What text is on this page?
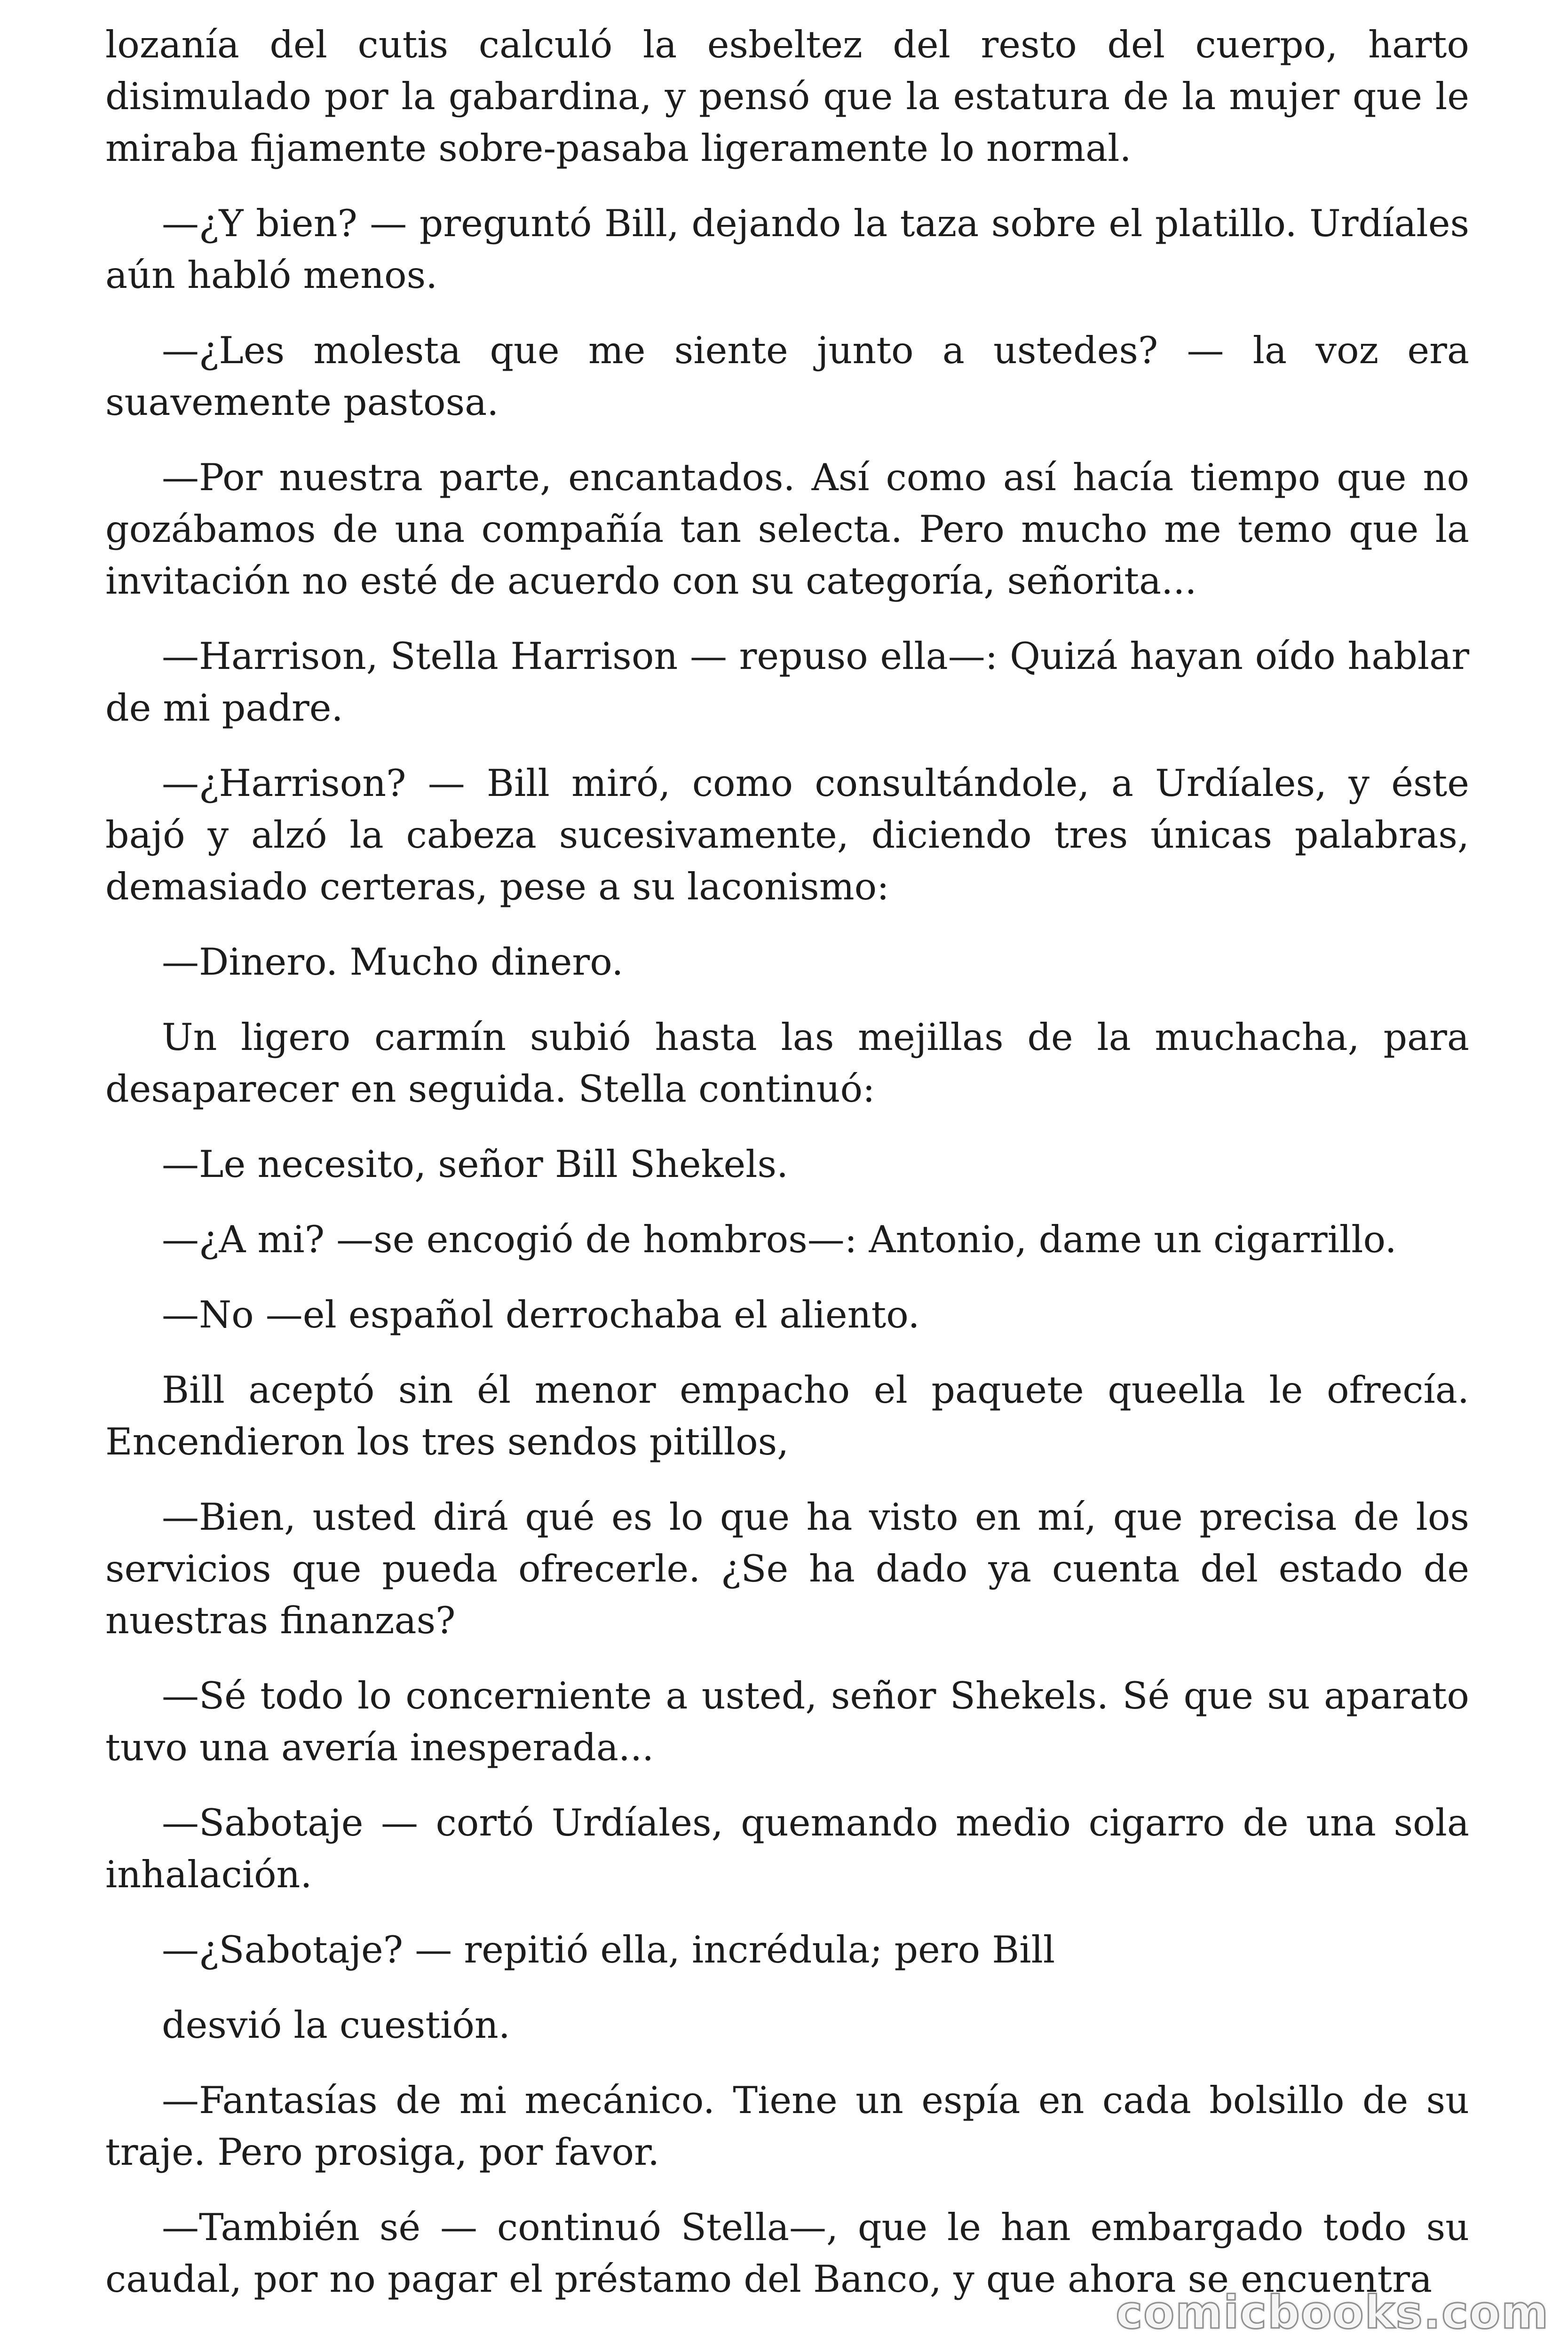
lozanía del cutis calculó la esbeltez del resto del cuerpo, harto disimulado por la gabardina, y pensó que la estatura de la mujer que le miraba fijamente sobre-pasaba ligeramente lo normal.

—¿Y bien? — preguntó Bill, dejando la taza sobre el platillo. Urdíales aún habló menos.

—¿Les molesta que me siente junto a ustedes? — la voz era suavemente pastosa.

—Por nuestra parte, encantados. Así como así hacía tiempo que no gozábamos de una compañía tan selecta. Pero mucho me temo que la invitación no esté de acuerdo con su categoría, señorita...

—Harrison, Stella Harrison — repuso ella—: Quizá hayan oído hablar de mi padre.

—¿Harrison? — Bill miró, como consultándole, a Urdíales, y éste bajó y alzó la cabeza sucesivamente, diciendo tres únicas palabras, demasiado certeras, pese a su laconismo:

—Dinero. Mucho dinero.

Un ligero carmín subió hasta las mejillas de la muchacha, para desaparecer en seguida. Stella continuó:

—Le necesito, señor Bill Shekels.

—¿A mi? —se encogió de hombros—: Antonio, dame un cigarrillo.

—No —el español derrochaba el aliento.

Bill aceptó sin él menor empacho el paquete queella le ofrecía. Encendieron los tres sendos pitillos,

—Bien, usted dirá qué es lo que ha visto en mí, que precisa de los servicios que pueda ofrecerle. ¿Se ha dado ya cuenta del estado de nuestras finanzas?

—Sé todo lo concerniente a usted, señor Shekels. Sé que su aparato tuvo una avería inesperada...

—Sabotaje — cortó Urdíales, quemando medio cigarro de una sola inhalación.

—¿Sabotaje? — repitió ella, incrédula; pero Bill

desvió la cuestión.

—Fantasías de mi mecánico. Tiene un espía en cada bolsillo de su traje. Pero prosiga, por favor.

—También sé — continuó Stella—, que le han embargado todo su caudal, por no pagar el préstamo del Banco, y que ahora se encuentra

comicbooks.com
